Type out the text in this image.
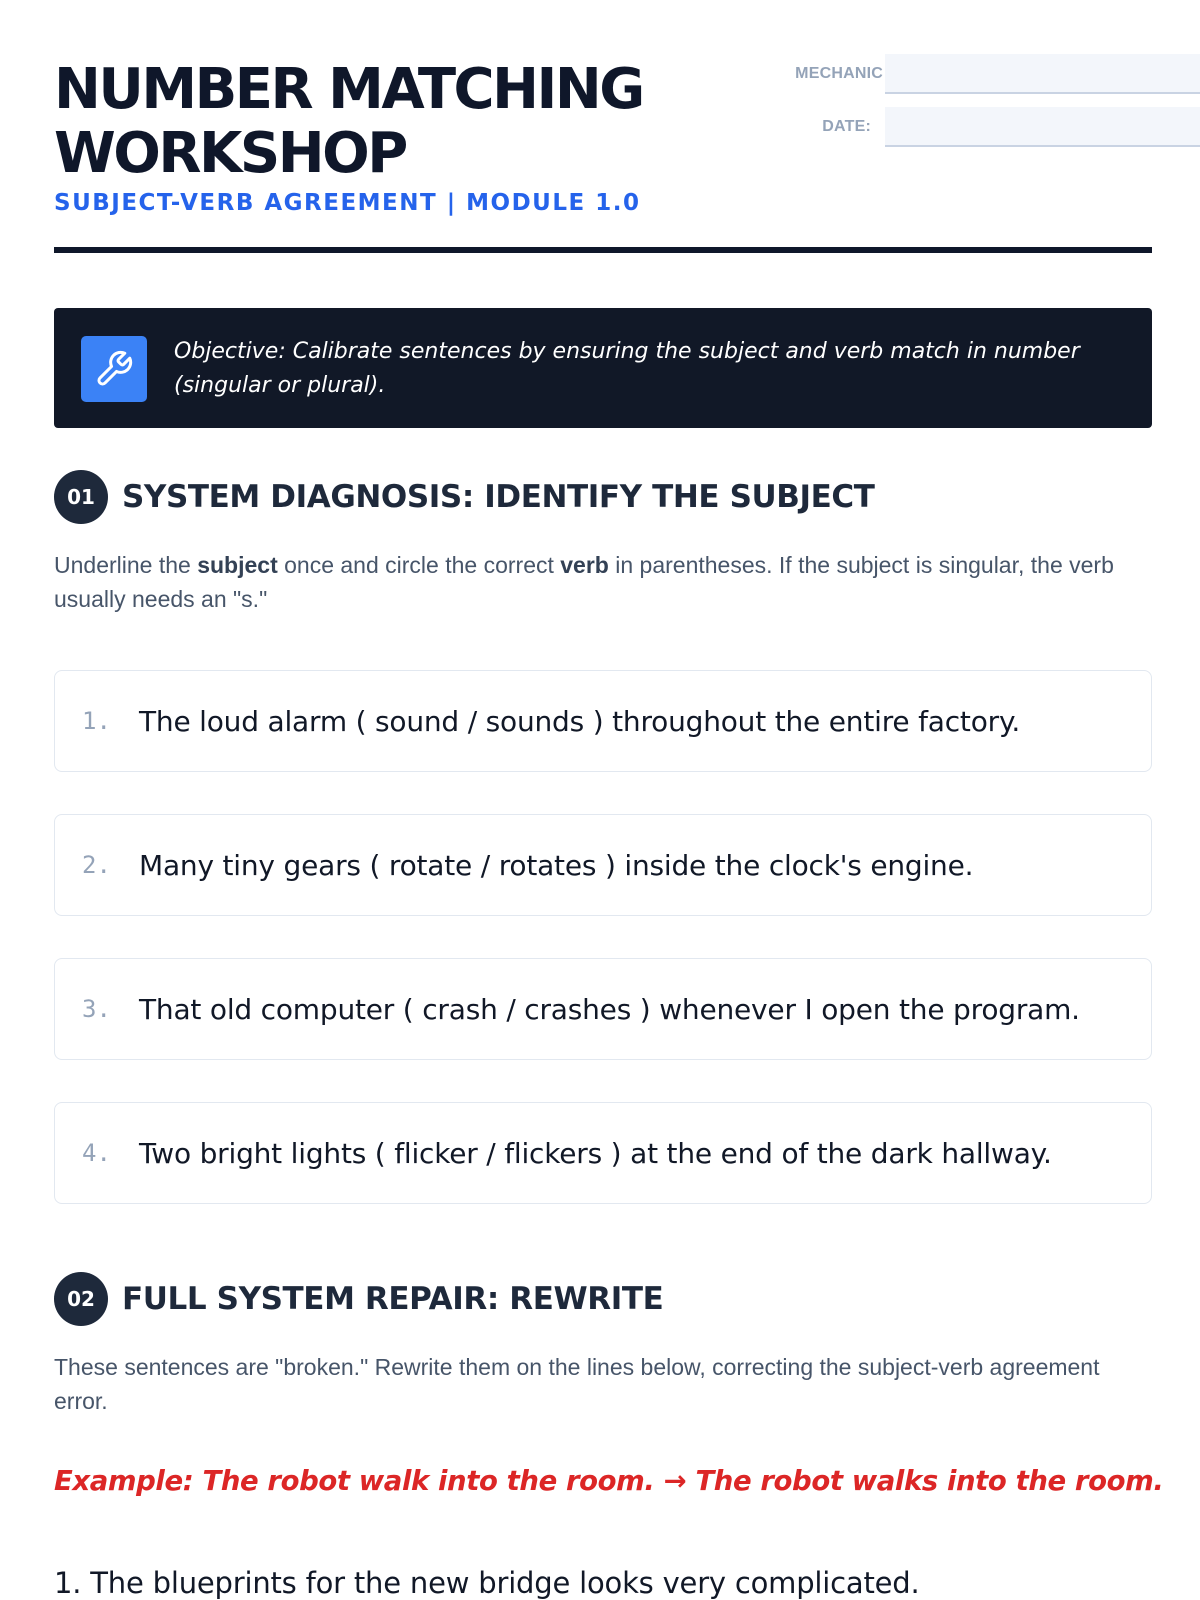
NUMBER MATCHING WORKSHOP
SUBJECT-VERB AGREEMENT | MODULE 1.0
MECHANIC
DATE:

Objective: Calibrate sentences by ensuring the subject and verb match in number (singular or plural).

01 SYSTEM DIAGNOSIS: IDENTIFY THE SUBJECT

Underline the subject once and circle the correct verb in parentheses. If the subject is singular, the verb usually needs an "s."

1.	The loud alarm ( sound / sounds ) throughout the entire factory.
2.	Many tiny gears ( rotate / rotates ) inside the clock's engine.
3.	That old computer ( crash / crashes ) whenever I open the program.
4.	Two bright lights ( flicker / flickers ) at the end of the dark hallway.
02 FULL SYSTEM REPAIR: REWRITE

These sentences are "broken." Rewrite them on the lines below, correcting the subject-verb agreement error.

Example: The robot walk into the room. → The robot walks into the room.
1. The blueprints for the new bridge looks very complicated.
